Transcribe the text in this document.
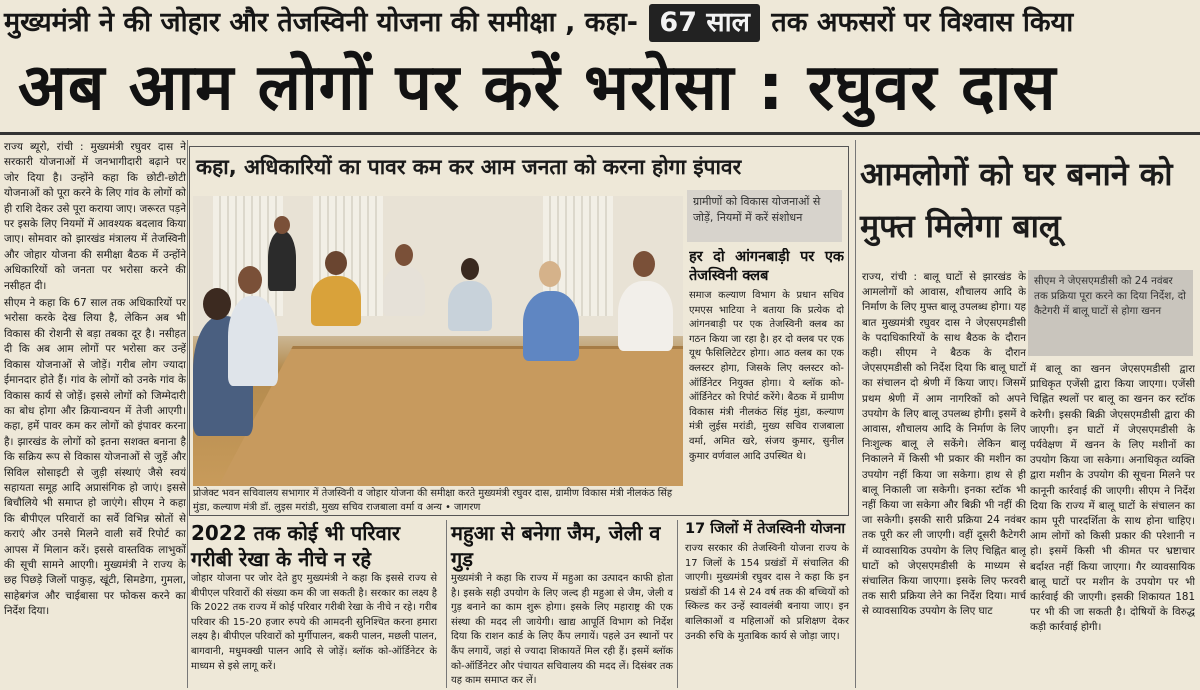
मुख्यमंत्री ने की जोहार और तेजस्विनी योजना की समीक्षा , कहा- 67 साल तक अफसरों पर विश्वास किया
अब आम लोगों पर करें भरोसा : रघुवर दास

राज्य ब्यूरो, रांची : मुख्यमंत्री रघुवर दास ने सरकारी योजनाओं में जनभागीदारी बढ़ाने पर जोर दिया है। उन्होंने कहा कि छोटी-छोटी योजनाओं को पूरा करने के लिए गांव के लोगों को ही राशि देकर उसे पूरा कराया जाए। जरूरत पड़ने पर इसके लिए नियमों में आवश्यक बदलाव किया जाए। सोमवार को झारखंड मंत्रालय में तेजस्विनी और जोहार योजना की समीक्षा बैठक में उन्होंने अधिकारियों को जनता पर भरोसा करने की नसीहत दी।

सीएम ने कहा कि 67 साल तक अधिकारियों पर भरोसा करके देख लिया है, लेकिन अब भी विकास की रोशनी से बड़ा तबका दूर है। नसीहत दी कि अब आम लोगों पर भरोसा कर उन्हें विकास योजनाओं से जोड़ें। गरीब लोग ज्यादा ईमानदार होते हैं। गांव के लोगों को उनके गांव के विकास कार्य से जोड़ें। इससे लोगों को जिम्मेदारी का बोध होगा और क्रियान्वयन में तेजी आएगी। कहा, हमें पावर कम कर लोगों को इंपावर करना है। झारखंड के लोगों को इतना सशक्त बनाना है कि सक्रिय रूप से विकास योजनाओं से जुड़ें और सिविल सोसाइटी से जुड़ी संस्थाएं जैसे स्वयं सहायता समूह आदि अप्रासंगिक हो जाएं। इससे बिचौलिये भी समाप्त हो जाएंगे। सीएम ने कहा कि बीपीएल परिवारों का सर्वे विभिन्न स्रोतों से कराएं और उनसे मिलने वाली सर्वे रिपोर्ट का आपस में मिलान करें। इससे वास्तविक लाभुकों की सूची सामने आएगी। मुख्यमंत्री ने राज्य के छह पिछड़े जिलों पाकुड़, खूंटी, सिमडेगा, गुमला, साहेबगंज और चाईबासा पर फोकस करने का निर्देश दिया।

कहा, अधिकारियों का पावर कम कर आम जनता को करना होगा इंपावर
प्रोजेक्ट भवन सचिवालय सभागार में तेजस्विनी व जोहार योजना की समीक्षा करते मुख्यमंत्री रघुवर दास, ग्रामीण विकास मंत्री नीलकंठ सिंह मुंडा, कल्याण मंत्री डॉ. लुइस मरांडी, मुख्य सचिव राजबाला वर्मा व अन्य • जागरण
ग्रामीणों को विकास योजनाओं से जोड़ें, नियमों में करें संशोधन
हर दो आंगनबाड़ी पर एक तेजस्विनी क्लब
समाज कल्याण विभाग के प्रधान सचिव एमएस भाटिया ने बताया कि प्रत्येक दो आंगनबाड़ी पर एक तेजस्विनी क्लब का गठन किया जा रहा है। हर दो क्लब पर एक यूथ फैसिलिटेटर होगा। आठ क्लब का एक क्लस्टर होगा, जिसके लिए क्लस्टर को-ऑर्डिनेटर नियुक्त होगा। ये ब्लॉक को-ऑर्डिनेटर को रिपोर्ट करेंगे। बैठक में ग्रामीण विकास मंत्री नीलकंठ सिंह मुंडा, कल्याण मंत्री लुईस मरांडी, मुख्य सचिव राजबाला वर्मा, अमित खरे, संजय कुमार, सुनील कुमार वर्णवाल आदि उपस्थित थे।
2022 तक कोई भी परिवार गरीबी रेखा के नीचे न रहे
जोहार योजना पर जोर देते हुए मुख्यमंत्री ने कहा कि इससे राज्य से बीपीएल परिवारों की संख्या कम की जा सकती है। सरकार का लक्ष्य है कि 2022 तक राज्य में कोई परिवार गरीबी रेखा के नीचे न रहे। गरीब परिवार की 15-20 हजार रुपये की आमदनी सुनिश्चित करना हमारा लक्ष्य है। बीपीएल परिवारों को मुर्गीपालन, बकरी पालन, मछली पालन, बागवानी, मधुमक्खी पालन आदि से जोड़ें। ब्लॉक को-ऑर्डिनेटर के माध्यम से इसे लागू करें।
महुआ से बनेगा जैम, जेली व गुड़
मुख्यमंत्री ने कहा कि राज्य में महुआ का उत्पादन काफी होता है। इसके सही उपयोग के लिए जल्द ही महुआ से जैम, जेली व गुड़ बनाने का काम शुरू होगा। इसके लिए महाराष्ट्र की एक संस्था की मदद ली जायेगी। खाद्य आपूर्ति विभाग को निर्देश दिया कि राशन कार्ड के लिए कैंप लगायें। पहले उन स्थानों पर कैंप लगायें, जहां से ज्यादा शिकायतें मिल रही हैं। इसमें ब्लॉक को-ऑर्डिनेटर और पंचायत सचिवालय की मदद लें। दिसंबर तक यह काम समाप्त कर लें।
17 जिलों में तेजस्विनी योजना
राज्य सरकार की तेजस्विनी योजना राज्य के 17 जिलों के 154 प्रखंडों में संचालित की जाएगी। मुख्यमंत्री रघुवर दास ने कहा कि इन प्रखंडों की 14 से 24 वर्ष तक की बच्चियों को स्किल्ड कर उन्हें स्वावलंबी बनाया जाए। इन बालिकाओं व महिलाओं को प्रशिक्षण देकर उनकी रुचि के मुताबिक कार्य से जोड़ा जाए।
आमलोगों को घर बनाने को मुफ्त मिलेगा बालू
राज्य, रांची : बालू घाटों से झारखंड के आमलोगों को आवास, शौचालय आदि के निर्माण के लिए मुफ्त बालू उपलब्ध होगा। यह बात मुख्यमंत्री रघुवर दास ने जेएसएमडीसी के पदाधिकारियों के साथ बैठक के दौरान कही। सीएम ने बैठक के दौरान जेएसएमडीसी को निर्देश दिया कि बालू घाटों का संचालन दो श्रेणी में किया जाए। जिसमें प्रथम श्रेणी में आम नागरिकों को अपने उपयोग के लिए बालू उपलब्ध होगी। इसमें वे आवास, शौचालय आदि के निर्माण के लिए निःशुल्क बालू ले सकेंगे। लेकिन बालू निकालने में किसी भी प्रकार की मशीन का उपयोग नहीं किया जा सकेगा। हाथ से ही बालू निकाली जा सकेगी। इनका स्टॉक भी नहीं किया जा सकेगा और बिक्री भी नहीं की जा सकेगी। इसकी सारी प्रक्रिया 24 नवंबर तक पूरी कर ली जाएगी। वहीं दूसरी कैटेगरी में व्यावसायिक उपयोग के लिए चिह्नित बालू घाटों को जेएसएमडीसी के माध्यम से संचालित किया जाएगा। इसके लिए फरवरी तक सारी प्रक्रिया लेने का निर्देश दिया। मार्च से व्यावसायिक उपयोग के लिए घाट
सीएम ने जेएसएमडीसी को 24 नवंबर तक प्रक्रिया पूरा करने का दिया निर्देश, दो कैटेगरी में बालू घाटों से होगा खनन
में बालू का खनन जेएसएमडीसी द्वारा प्राधिकृत एजेंसी द्वारा किया जाएगा। एजेंसी चिह्नित स्थलों पर बालू का खनन कर स्टॉक करेगी। इसकी बिक्री जेएसएमडीसी द्वारा की जाएगी। इन घाटों में जेएसएमडीसी के पर्यवेक्षण में खनन के लिए मशीनों का उपयोग किया जा सकेगा। अनाधिकृत व्यक्ति द्वारा मशीन के उपयोग की सूचना मिलने पर कानूनी कार्रवाई की जाएगी। सीएम ने निर्देश दिया कि राज्य में बालू घाटों के संचालन का काम पूरी पारदर्शिता के साथ होना चाहिए। आम लोगों को किसी प्रकार की परेशानी न हो। इसमें किसी भी कीमत पर भ्रष्टाचार बर्दाश्त नहीं किया जाएगा। गैर व्यावसायिक बालू घाटों पर मशीन के उपयोग पर भी कार्रवाई की जाएगी। इसकी शिकायत 181 पर भी की जा सकती है। दोषियों के विरुद्ध कड़ी कार्रवाई होगी।
